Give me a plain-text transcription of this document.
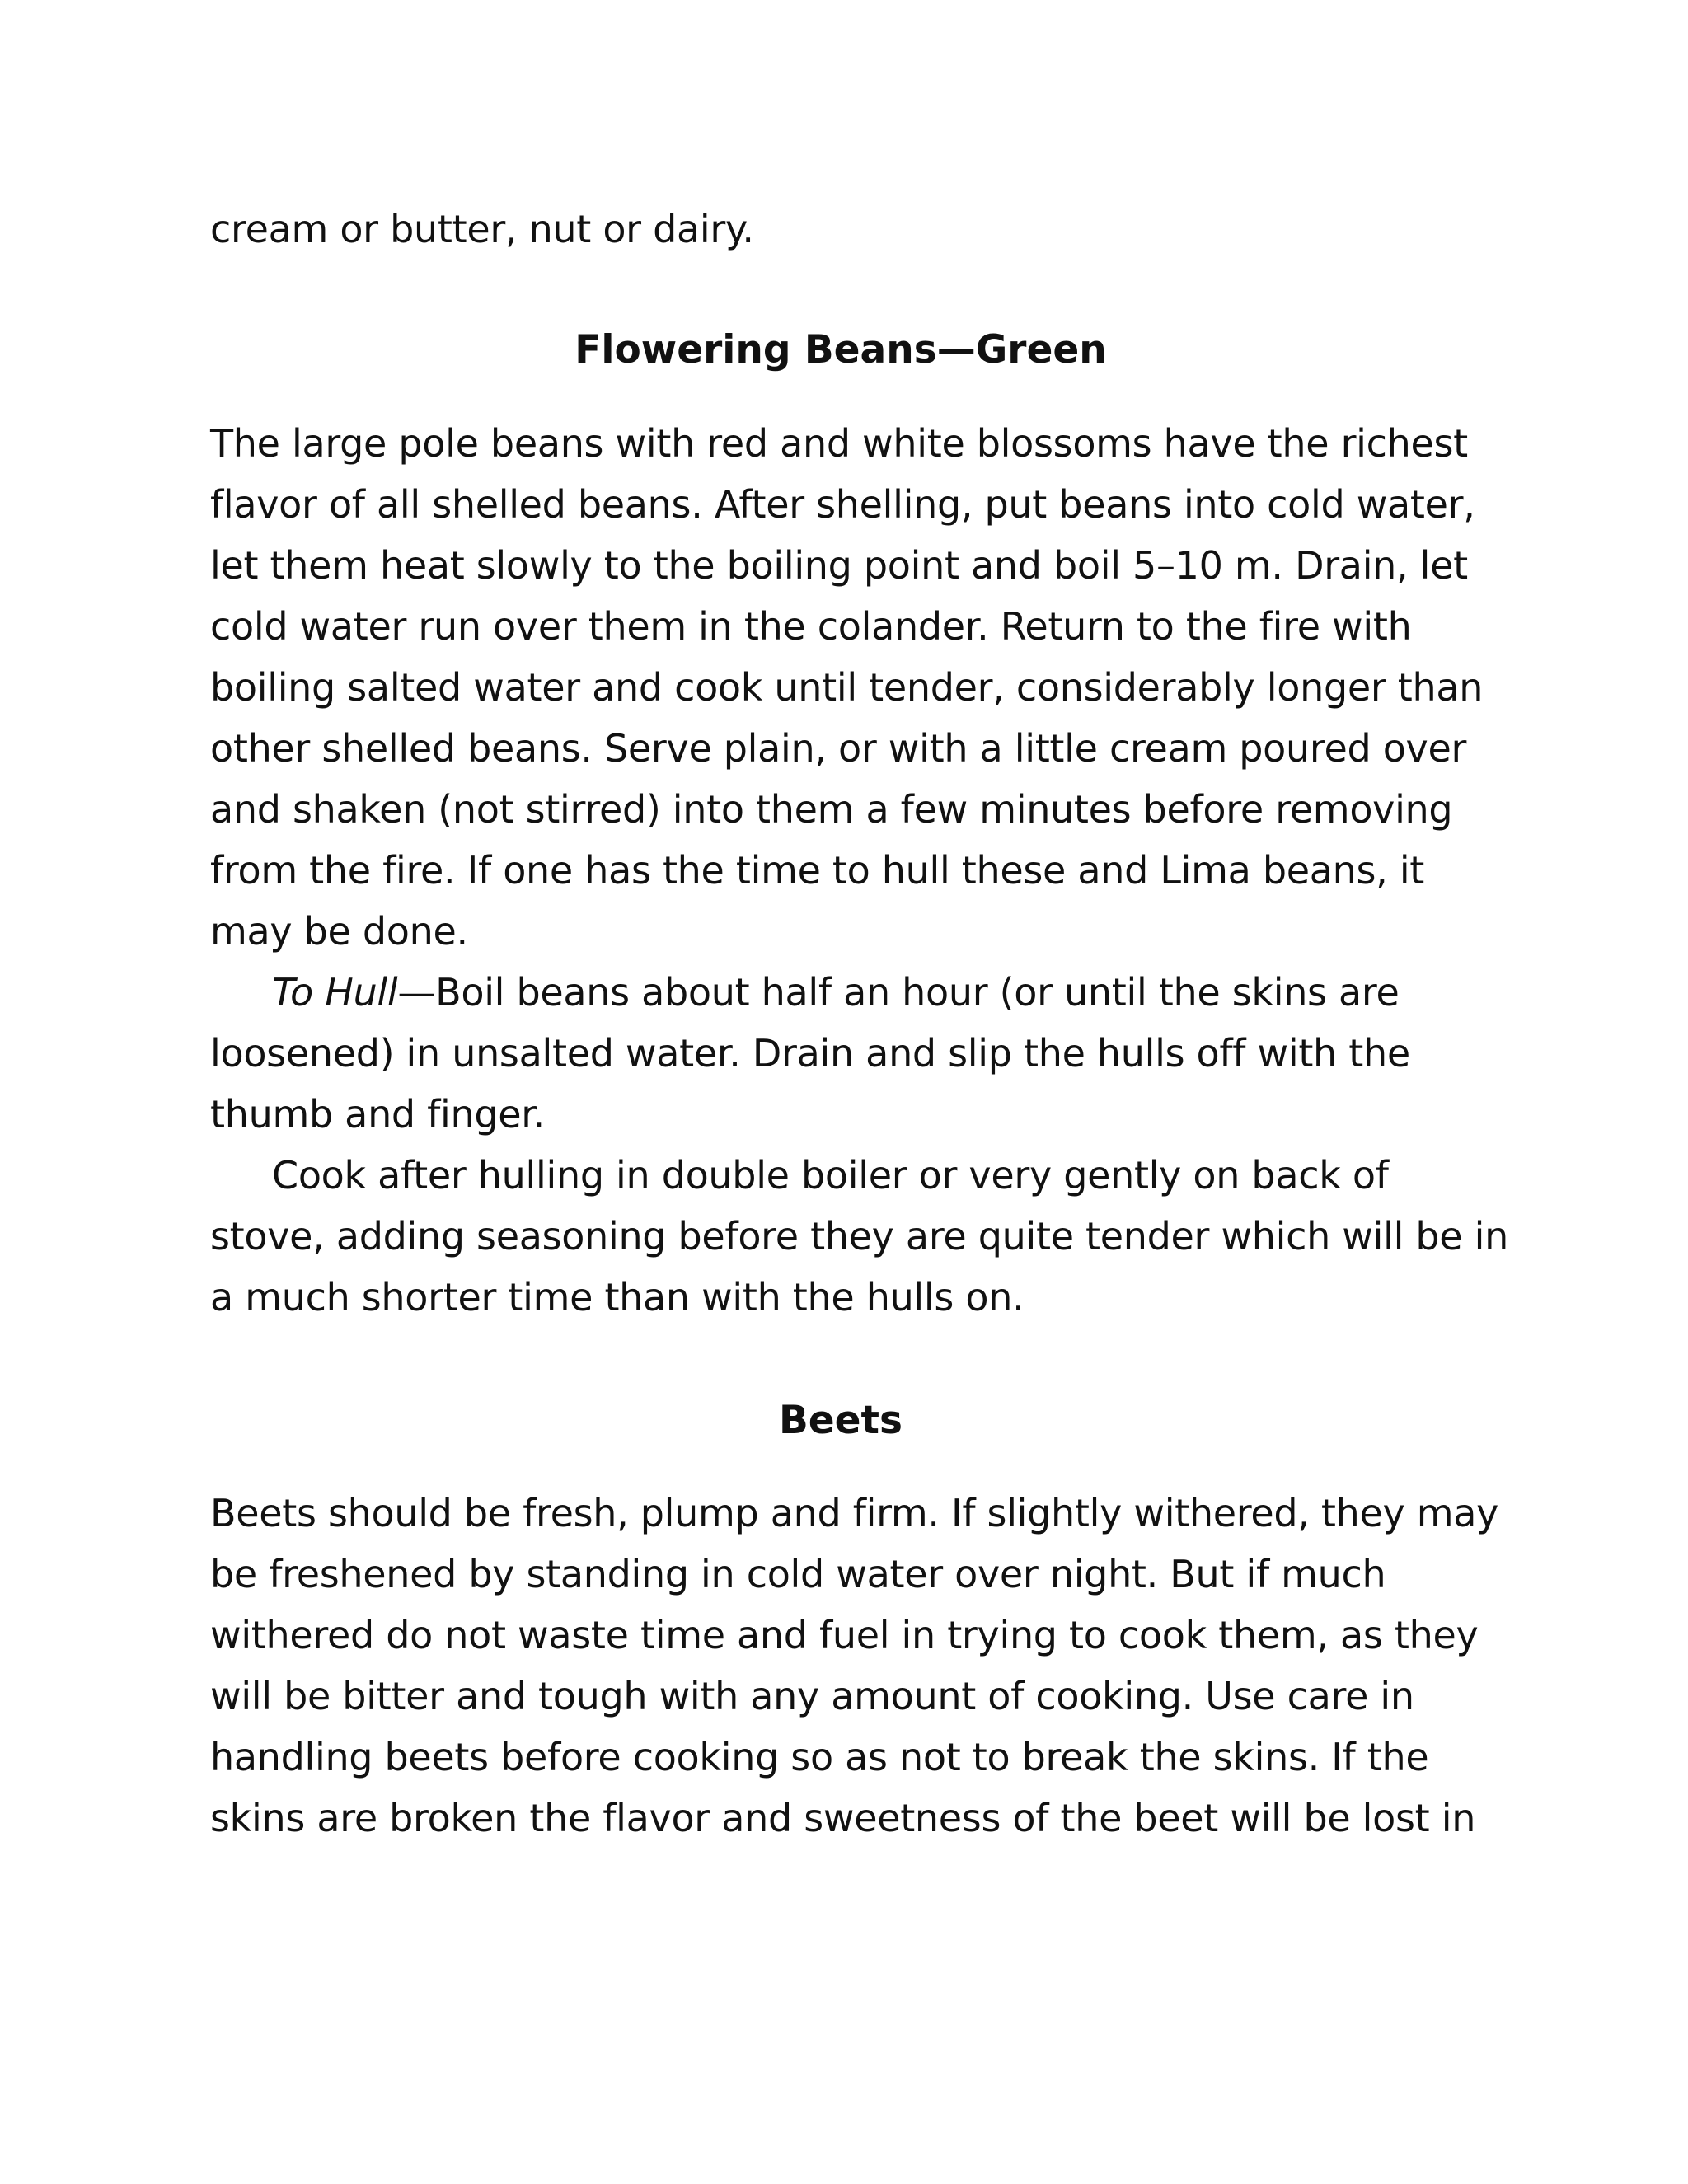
cream or butter, nut or dairy.
Flowering Beans—Green
The large pole beans with red and white blossoms have the richest
flavor of all shelled beans. After shelling, put beans into cold water,
let them heat slowly to the boiling point and boil 5–10 m. Drain, let
cold water run over them in the colander. Return to the fire with
boiling salted water and cook until tender, considerably longer than
other shelled beans. Serve plain, or with a little cream poured over
and shaken (not stirred) into them a few minutes before removing
from the fire. If one has the time to hull these and Lima beans, it
may be done.
To Hull—Boil beans about half an hour (or until the skins are
loosened) in unsalted water. Drain and slip the hulls off with the
thumb and finger.
Cook after hulling in double boiler or very gently on back of
stove, adding seasoning before they are quite tender which will be in
a much shorter time than with the hulls on.
Beets
Beets should be fresh, plump and firm. If slightly withered, they may
be freshened by standing in cold water over night. But if much
withered do not waste time and fuel in trying to cook them, as they
will be bitter and tough with any amount of cooking. Use care in
handling beets before cooking so as not to break the skins. If the
skins are broken the flavor and sweetness of the beet will be lost in
